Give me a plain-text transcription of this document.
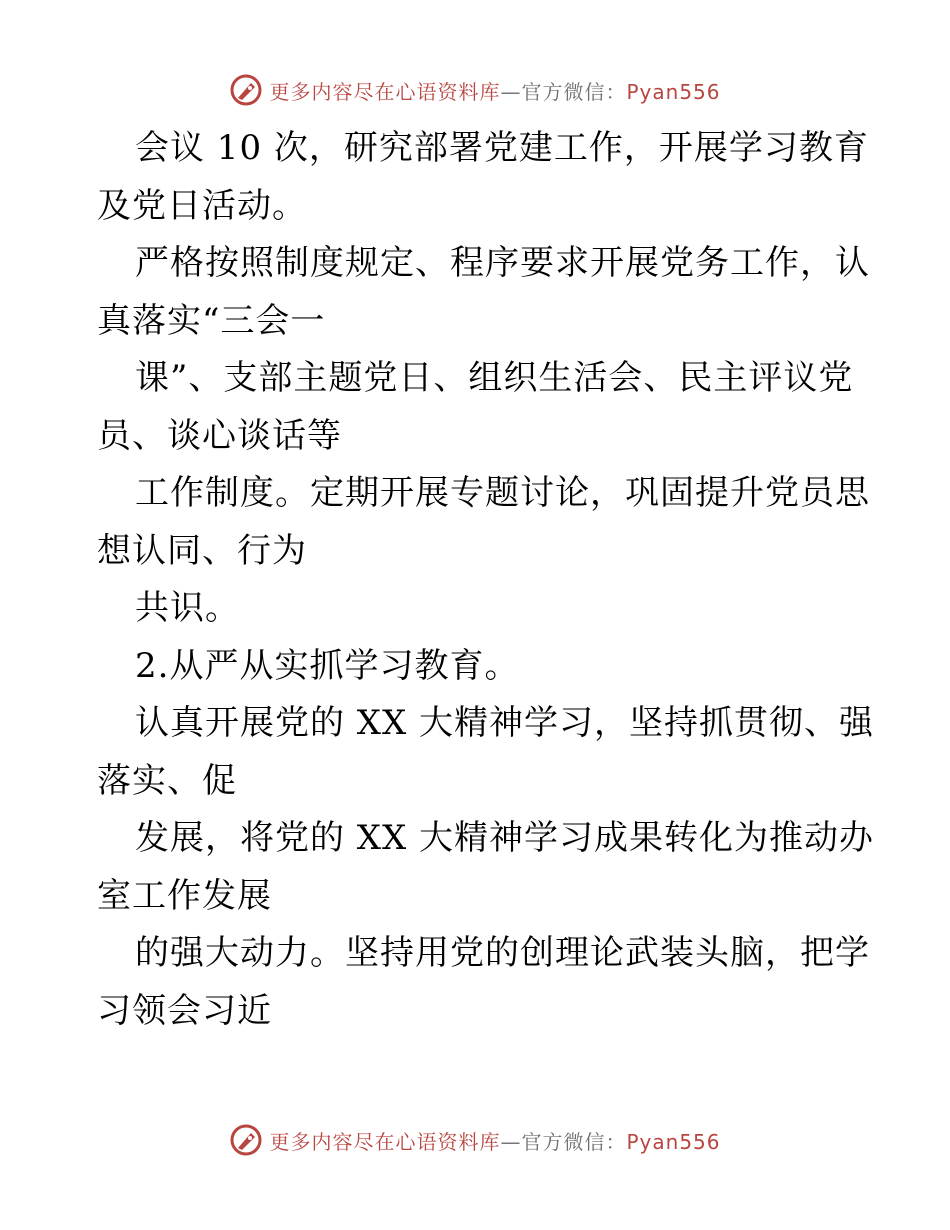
更多内容尽在心语资料库—官方微信：Pyan556
会议 10 次，研究部署党建工作，开展学习教育
及党日活动。
严格按照制度规定、程序要求开展党务工作，认
真落实“三会一
课”、支部主题党日、组织生活会、民主评议党
员、谈心谈话等
工作制度。定期开展专题讨论，巩固提升党员思
想认同、行为
共识。
2.从严从实抓学习教育。
认真开展党的 XX 大精神学习，坚持抓贯彻、强
落实、促
发展，将党的 XX 大精神学习成果转化为推动办
室工作发展
的强大动力。坚持用党的创理论武装头脑，把学
习领会习近
更多内容尽在心语资料库—官方微信：Pyan556
